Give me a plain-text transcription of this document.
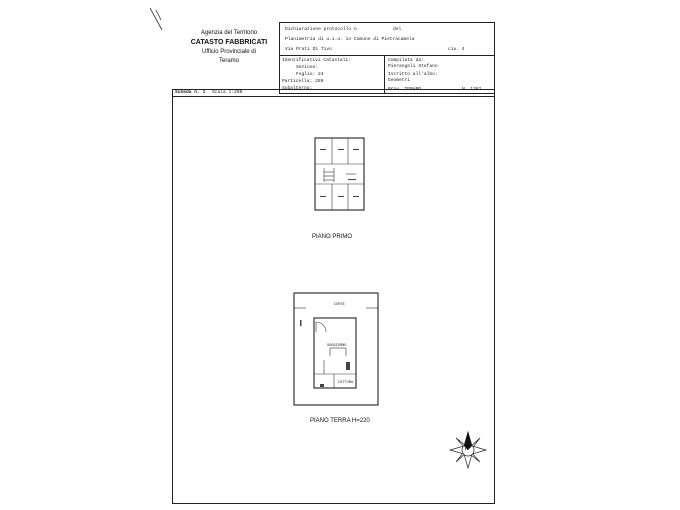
Agenzia del Territorio
CATASTO FABBRICATI
Ufficio Provinciale di
Teramo
Dichiarazione protocollo n.	del
Planimetria di u.i.u. in Comune di Pietracamela
Via Prati Di Tivo	civ. 4
Identificativi Catastali:
Sezione:
Foglio: 24
Particella: 289
Subalterno:
Compilata da:
Pierangeli Stefano
Iscritto all'albo:
Geometri
Prov. TERAMO	N. 1282
Scheda n. 1 Scala 1:200
PIANO PRIMO
CORTE
SOGGIORNO
COTTURA
PIANO TERRA H=220
N
